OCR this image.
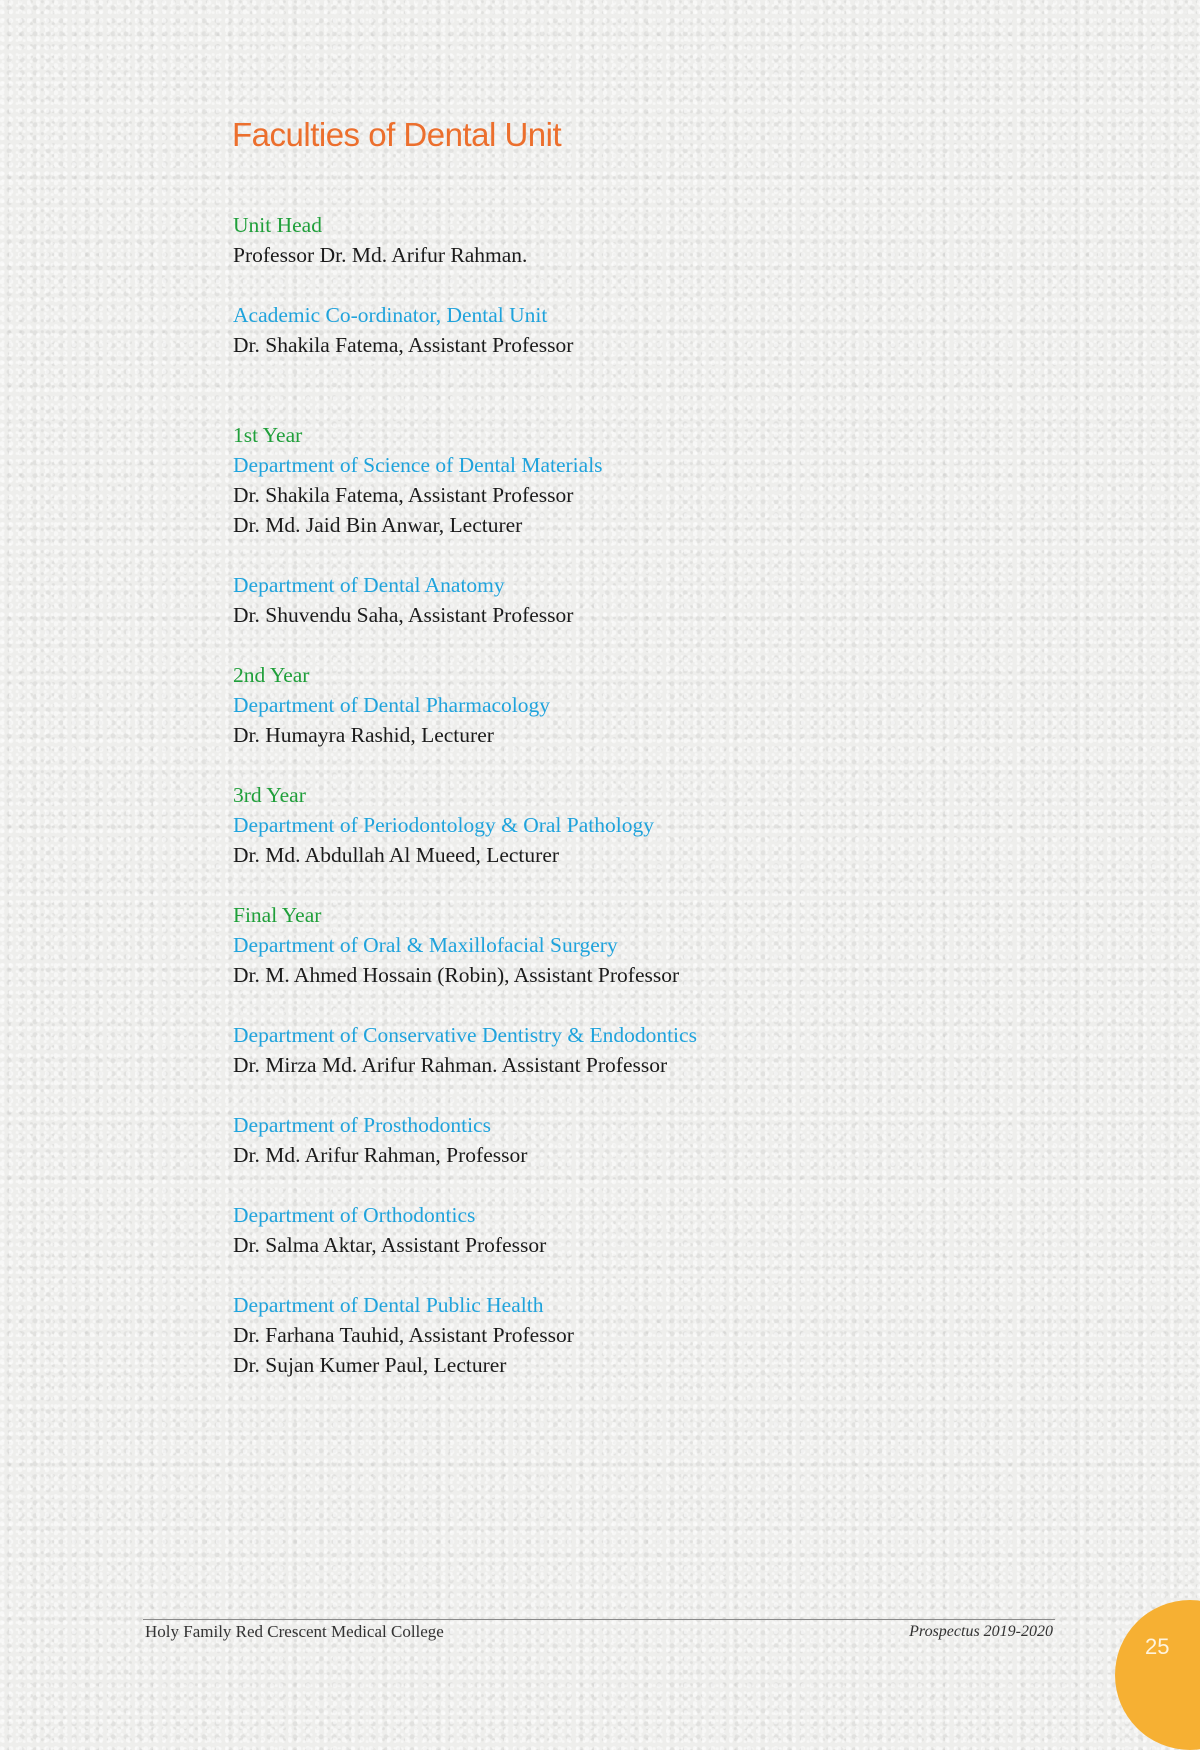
Faculties of Dental Unit
Unit Head
Professor Dr. Md. Arifur Rahman.
Academic Co-ordinator, Dental Unit
Dr. Shakila Fatema, Assistant Professor
1st Year
Department of Science of Dental Materials
Dr. Shakila Fatema, Assistant Professor
Dr. Md. Jaid Bin Anwar, Lecturer
Department of Dental Anatomy
Dr. Shuvendu Saha, Assistant Professor
2nd Year
Department of Dental Pharmacology
Dr. Humayra Rashid, Lecturer
3rd Year
Department of Periodontology & Oral Pathology
Dr. Md. Abdullah Al Mueed, Lecturer
Final Year
Department of Oral & Maxillofacial Surgery
Dr. M. Ahmed Hossain (Robin), Assistant Professor
Department of Conservative Dentistry & Endodontics
Dr. Mirza Md. Arifur Rahman. Assistant Professor
Department of Prosthodontics
Dr. Md. Arifur Rahman, Professor
Department of Orthodontics
Dr. Salma Aktar, Assistant Professor
Department of Dental Public Health
Dr. Farhana Tauhid, Assistant Professor
Dr. Sujan Kumer Paul, Lecturer
Holy Family Red Crescent Medical College	Prospectus 2019-2020
25
